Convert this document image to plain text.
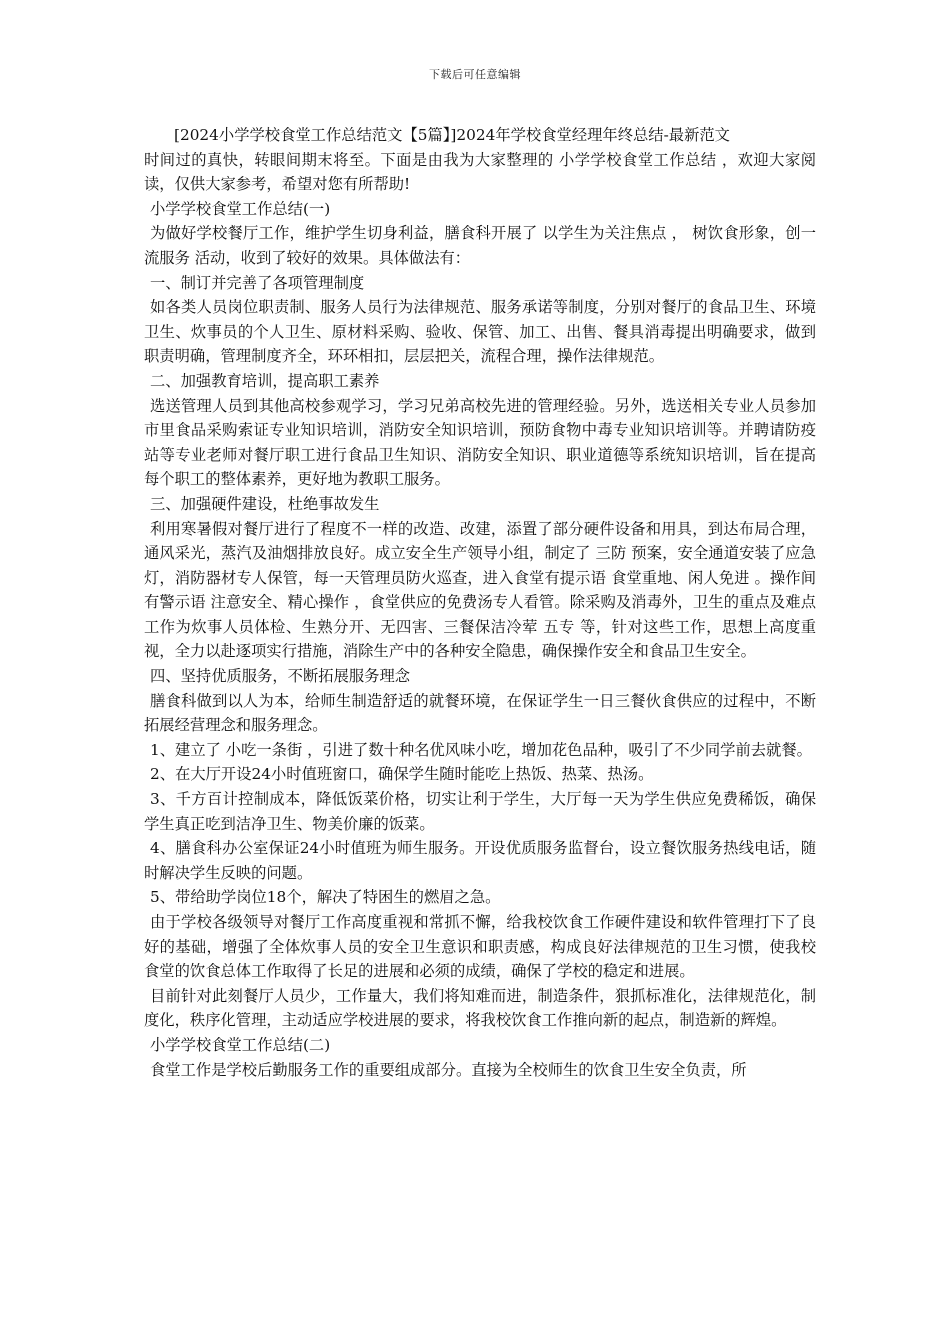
下载后可任意编辑

[2024小学学校食堂工作总结范文【5篇】]2024年学校食堂经理年终总结-最新范文

时间过的真快，转眼间期末将至。下面是由我为大家整理的 小学学校食堂工作总结 ，欢迎大家阅读，仅供大家参考，希望对您有所帮助!

小学学校食堂工作总结(一)

为做好学校餐厅工作，维护学生切身利益，膳食科开展了 以学生为关注焦点 ， 树饮食形象，创一流服务 活动，收到了较好的效果。具体做法有：

一、制订并完善了各项管理制度

如各类人员岗位职责制、服务人员行为法律规范、服务承诺等制度，分别对餐厅的食品卫生、环境卫生、炊事员的个人卫生、原材料采购、验收、保管、加工、出售、餐具消毒提出明确要求，做到职责明确，管理制度齐全，环环相扣，层层把关，流程合理，操作法律规范。

二、加强教育培训，提高职工素养

选送管理人员到其他高校参观学习，学习兄弟高校先进的管理经验。另外，选送相关专业人员参加市里食品采购索证专业知识培训，消防安全知识培训，预防食物中毒专业知识培训等。并聘请防疫站等专业老师对餐厅职工进行食品卫生知识、消防安全知识、职业道德等系统知识培训，旨在提高每个职工的整体素养，更好地为教职工服务。

三、加强硬件建设，杜绝事故发生

利用寒暑假对餐厅进行了程度不一样的改造、改建，添置了部分硬件设备和用具，到达布局合理，通风采光，蒸汽及油烟排放良好。成立安全生产领导小组，制定了 三防 预案，安全通道安装了应急灯，消防器材专人保管，每一天管理员防火巡查，进入食堂有提示语 食堂重地、闲人免进 。操作间有警示语 注意安全、精心操作 ，食堂供应的免费汤专人看管。除采购及消毒外，卫生的重点及难点工作为炊事人员体检、生熟分开、无四害、三餐保洁冷荤 五专 等，针对这些工作，思想上高度重视，全力以赴逐项实行措施，消除生产中的各种安全隐患，确保操作安全和食品卫生安全。

四、坚持优质服务，不断拓展服务理念

膳食科做到以人为本，给师生制造舒适的就餐环境，在保证学生一日三餐伙食供应的过程中，不断拓展经营理念和服务理念。

1、建立了 小吃一条街 ，引进了数十种名优风味小吃，增加花色品种，吸引了不少同学前去就餐。

2、在大厅开设24小时值班窗口，确保学生随时能吃上热饭、热菜、热汤。

3、千方百计控制成本，降低饭菜价格，切实让利于学生，大厅每一天为学生供应免费稀饭，确保学生真正吃到洁净卫生、物美价廉的饭菜。

4、膳食科办公室保证24小时值班为师生服务。开设优质服务监督台，设立餐饮服务热线电话，随时解决学生反映的问题。

5、带给助学岗位18个，解决了特困生的燃眉之急。

由于学校各级领导对餐厅工作高度重视和常抓不懈，给我校饮食工作硬件建设和软件管理打下了良好的基础，增强了全体炊事人员的安全卫生意识和职责感，构成良好法律规范的卫生习惯，使我校食堂的饮食总体工作取得了长足的进展和必须的成绩，确保了学校的稳定和进展。

目前针对此刻餐厅人员少，工作量大，我们将知难而进，制造条件，狠抓标准化，法律规范化，制度化，秩序化管理，主动适应学校进展的要求，将我校饮食工作推向新的起点，制造新的辉煌。

小学学校食堂工作总结(二)

食堂工作是学校后勤服务工作的重要组成部分。直接为全校师生的饮食卫生安全负责，所
